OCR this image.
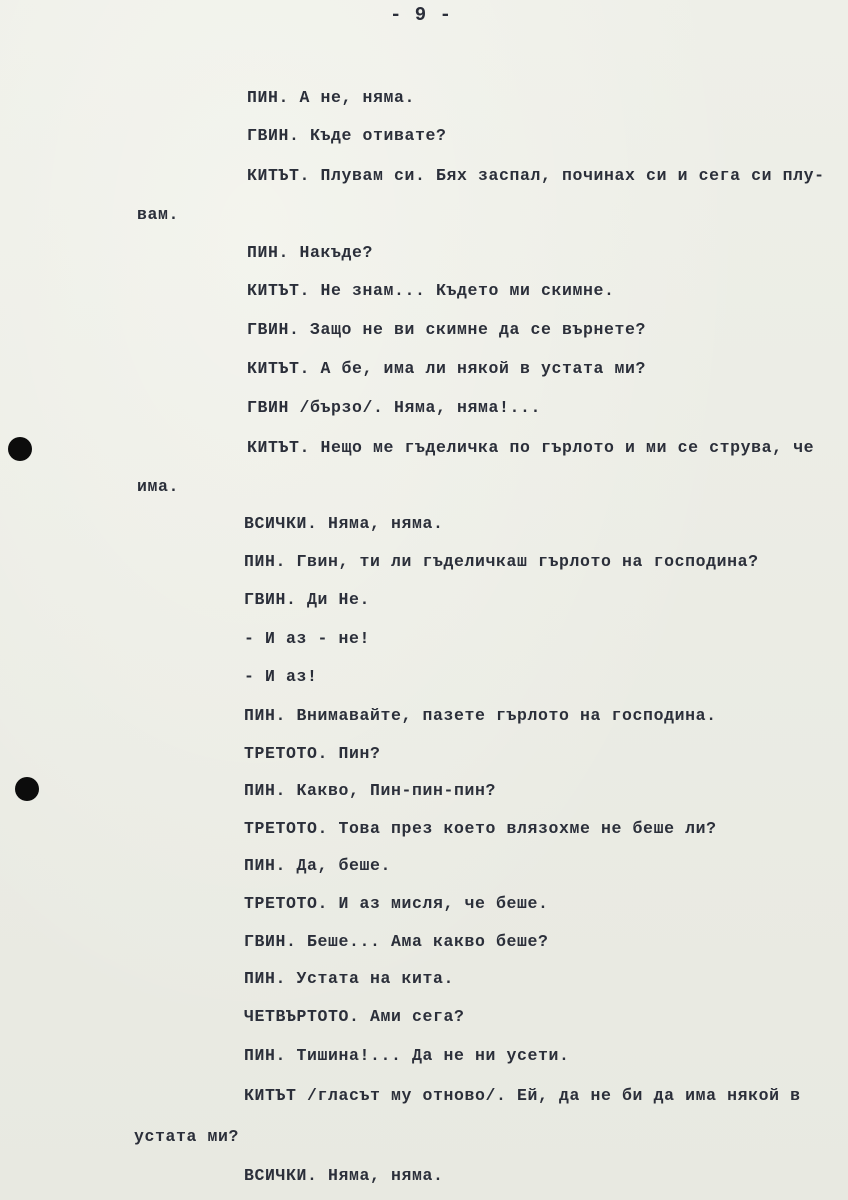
- 9 -
ПИН. А не, няма.
ГВИН. Къде отивате?
КИТЪТ. Плувам си. Бях заспал, починах си и сега си плу-
вам.
ПИН. Накъде?
КИТЪТ. Не знам... Където ми скимне.
ГВИН. Защо не ви скимне да се върнете?
КИТЪТ. А бе, има ли някой в устата ми?
ГВИН /бързо/. Няма, няма!...
КИТЪТ. Нещо ме гъделичка по гърлото и ми се струва, че
има.
ВСИЧКИ. Няма, няма.
ПИН. Гвин, ти ли гъделичкаш гърлото на господина?
ГВИН. Ди Не.
- И аз - не!
- И аз!
ПИН. Внимавайте, пазете гърлото на господина.
ТРЕТОТО. Пин?
ПИН. Какво, Пин-пин-пин?
ТРЕТОТО. Това през което влязохме не беше ли?
ПИН. Да, беше.
ТРЕТОТО. И аз мисля, че беше.
ГВИН. Беше... Ама какво беше?
ПИН. Устата на кита.
ЧЕТВЪРТОТО. Ами сега?
ПИН. Тишина!... Да не ни усети.
КИТЪТ /гласът му отново/. Ей, да не би да има някой в
устата ми?
ВСИЧКИ. Няма, няма.
